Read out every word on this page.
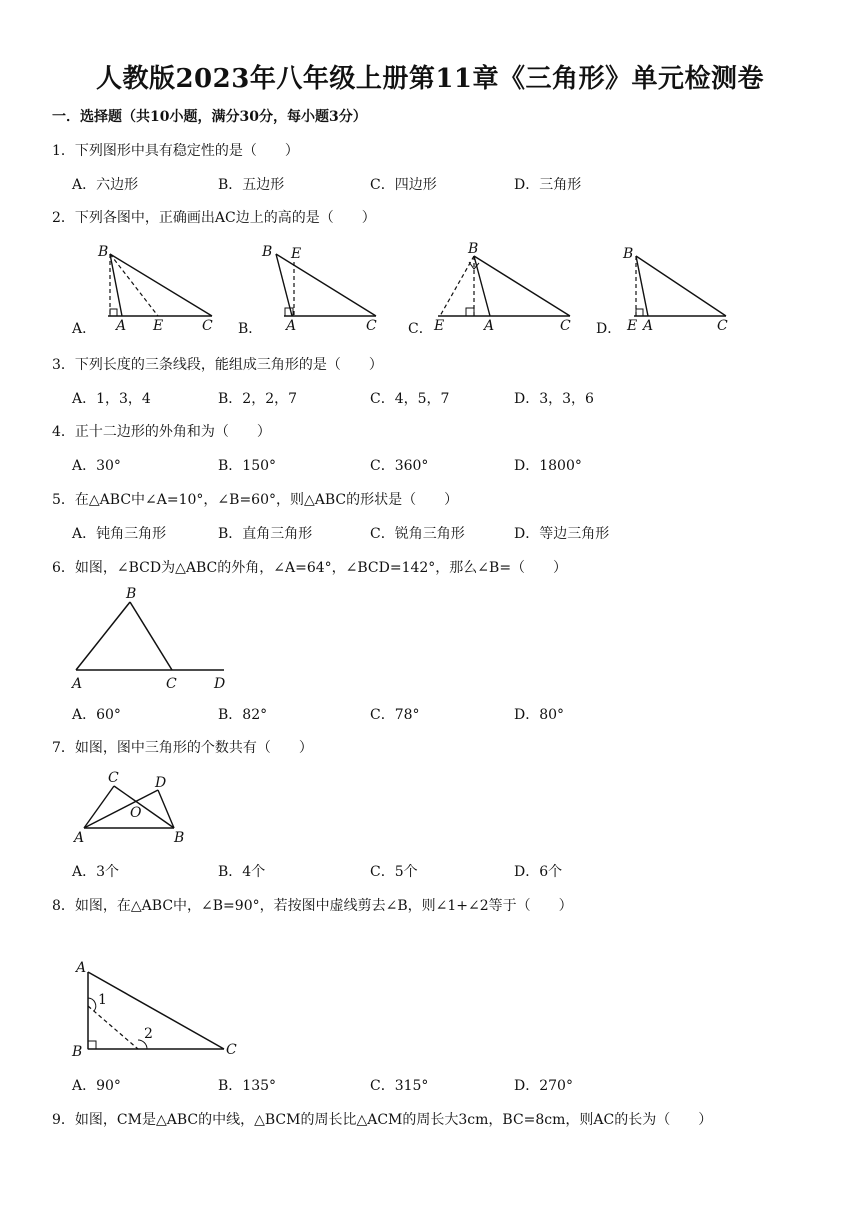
人教版2023年八年级上册第11章《三角形》单元检测卷
一．选择题（共10小题，满分30分，每小题3分）
1．下列图形中具有稳定性的是（　　）
A．六边形	B．五边形	C．四边形	D．三角形
2．下列各图中，正确画出AC边上的高的是（　　）
A．	B．	C．	D．
B
A E	C
B E
A	C
B
E	A	C
B
E A	C
3．下列长度的三条线段，能组成三角形的是（　　）
A．1，3，4	B．2，2，7	C．4，5，7	D．3，3，6
4．正十二边形的外角和为（　　）
A．30°	B．150°	C．360°	D．1800°
5．在△ABC中∠A=10°，∠B=60°，则△ABC的形状是（　　）
A．钝角三角形	B．直角三角形	C．锐角三角形	D．等边三角形
6．如图，∠BCD为△ABC的外角，∠A=64°，∠BCD=142°，那么∠B=（　　）
B
A	C	D
A．60°	B．82°	C．78°	D．80°
7．如图，图中三角形的个数共有（　　）
C	D
O
A	B
A．3个	B．4个	C．5个	D．6个
8．如图，在△ABC中，∠B=90°，若按图中虚线剪去∠B，则∠1+∠2等于（　　）
A
1
2
B	C
A．90°	B．135°	C．315°	D．270°
9．如图，CM是△ABC的中线，△BCM的周长比△ACM的周长大3cm，BC=8cm，则AC的长为（　　）
